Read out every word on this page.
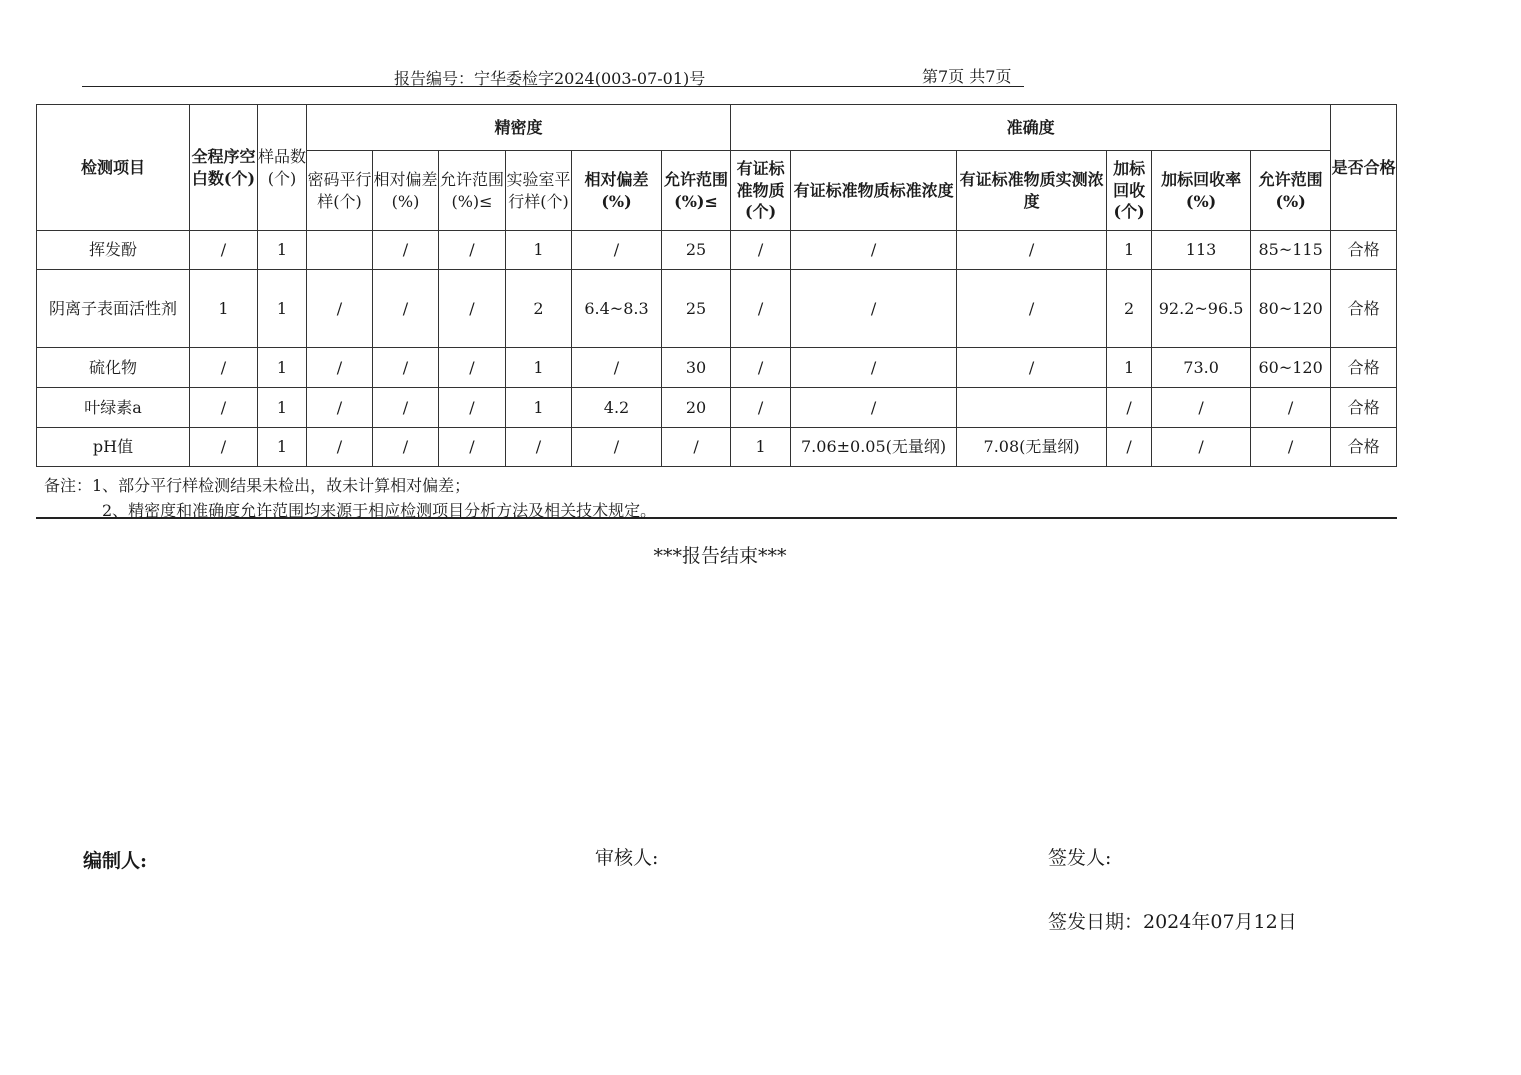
报告编号：宁华委检字2024(003-07-01)号	第7页 共7页
检测项目	全程序空白数(个)	样品数(个)	精密度						准确度						是否合格
			密码平行样(个)	相对偏差(%)	允许范围(%)≤	实验室平行样(个)	相对偏差(%)	允许范围(%)≤	有证标准物质(个)	有证标准物质标准浓度	有证标准物质实测浓度	加标回收(个)	加标回收率(%)	允许范围(%)	
挥发酚	/	1		/	/	1	/	25	/	/	/	1	113	85~115	合格
阴离子表面活性剂	1	1	/	/	/	2	6.4~8.3	25	/	/	/	2	92.2~96.5	80~120	合格
硫化物	/	1	/	/	/	1	/	30	/	/	/	1	73.0	60~120	合格
叶绿素a	/	1	/	/	/	1	4.2	20	/	/		/	/	/	合格
pH值	/	1	/	/	/	/	/	/	1	7.06±0.05(无量纲)	7.08(无量纲)	/	/	/	合格
备注：1、部分平行样检测结果未检出，故未计算相对偏差；
2、精密度和准确度允许范围均来源于相应检测项目分析方法及相关技术规定。
***报告结束***
编制人:	审核人:	签发人:
签发日期：2024年07月12日
